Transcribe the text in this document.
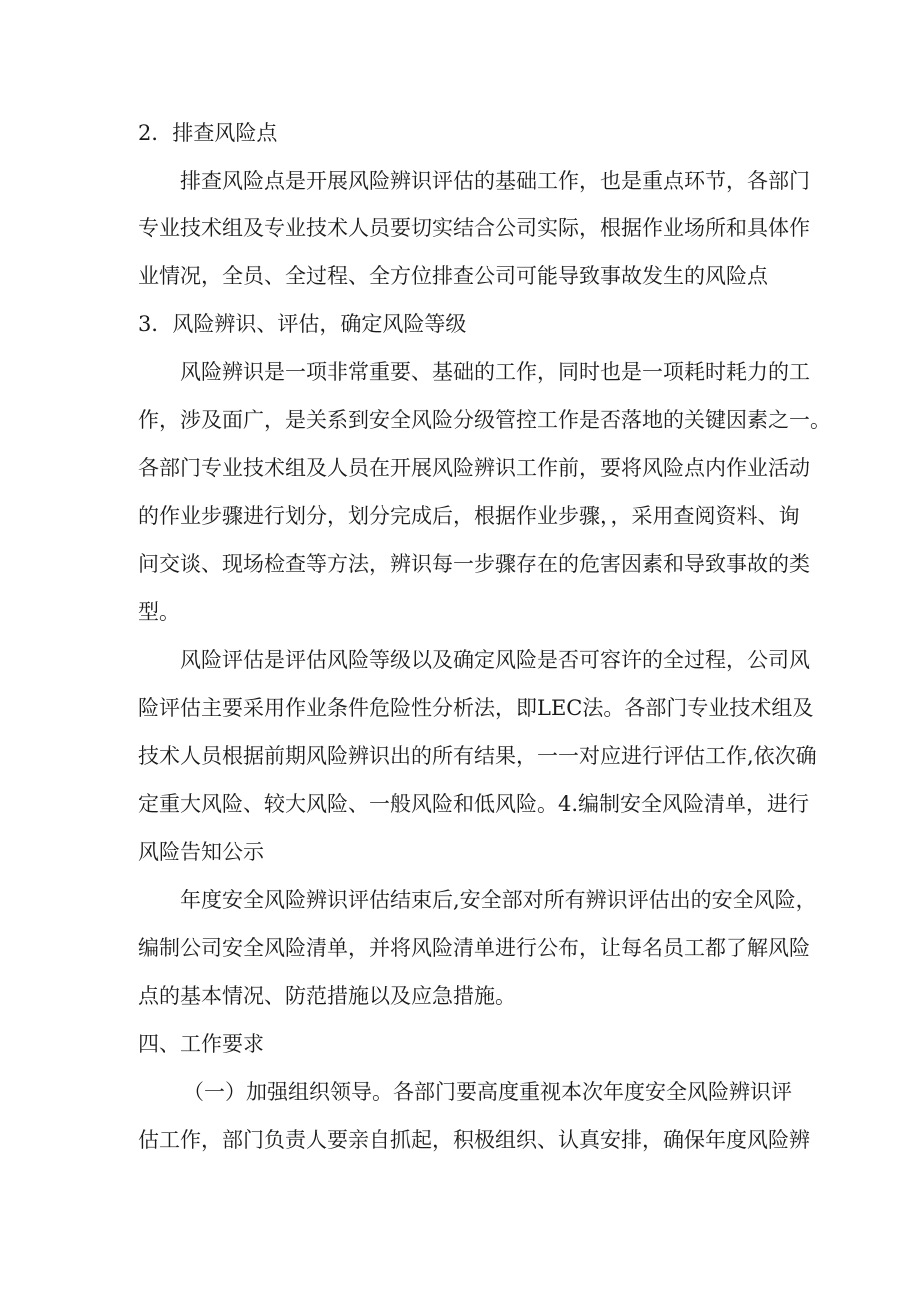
2．排查风险点
排查风险点是开展风险辨识评估的基础工作，也是重点环节，各部门
专业技术组及专业技术人员要切实结合公司实际，根据作业场所和具体作
业情况，全员、全过程、全方位排查公司可能导致事故发生的风险点
3．风险辨识、评估，确定风险等级
风险辨识是一项非常重要、基础的工作，同时也是一项耗时耗力的工
作，涉及面广，是关系到安全风险分级管控工作是否落地的关键因素之一。
各部门专业技术组及人员在开展风险辨识工作前，要将风险点内作业活动
的作业步骤进行划分，划分完成后，根据作业步骤，，采用查阅资料、询
问交谈、现场检查等方法，辨识每一步骤存在的危害因素和导致事故的类
型。
风险评估是评估风险等级以及确定风险是否可容许的全过程，公司风
险评估主要采用作业条件危险性分析法，即LEC法。各部门专业技术组及
技术人员根据前期风险辨识出的所有结果，一一对应进行评估工作,依次确
定重大风险、较大风险、一般风险和低风险。4.编制安全风险清单，进行
风险告知公示
年度安全风险辨识评估结束后,安全部对所有辨识评估出的安全风险，
编制公司安全风险清单，并将风险清单进行公布，让每名员工都了解风险
点的基本情况、防范措施以及应急措施。
四、工作要求
（一）加强组织领导。各部门要高度重视本次年度安全风险辨识评
估工作，部门负责人要亲自抓起，积极组织、认真安排，确保年度风险辨
